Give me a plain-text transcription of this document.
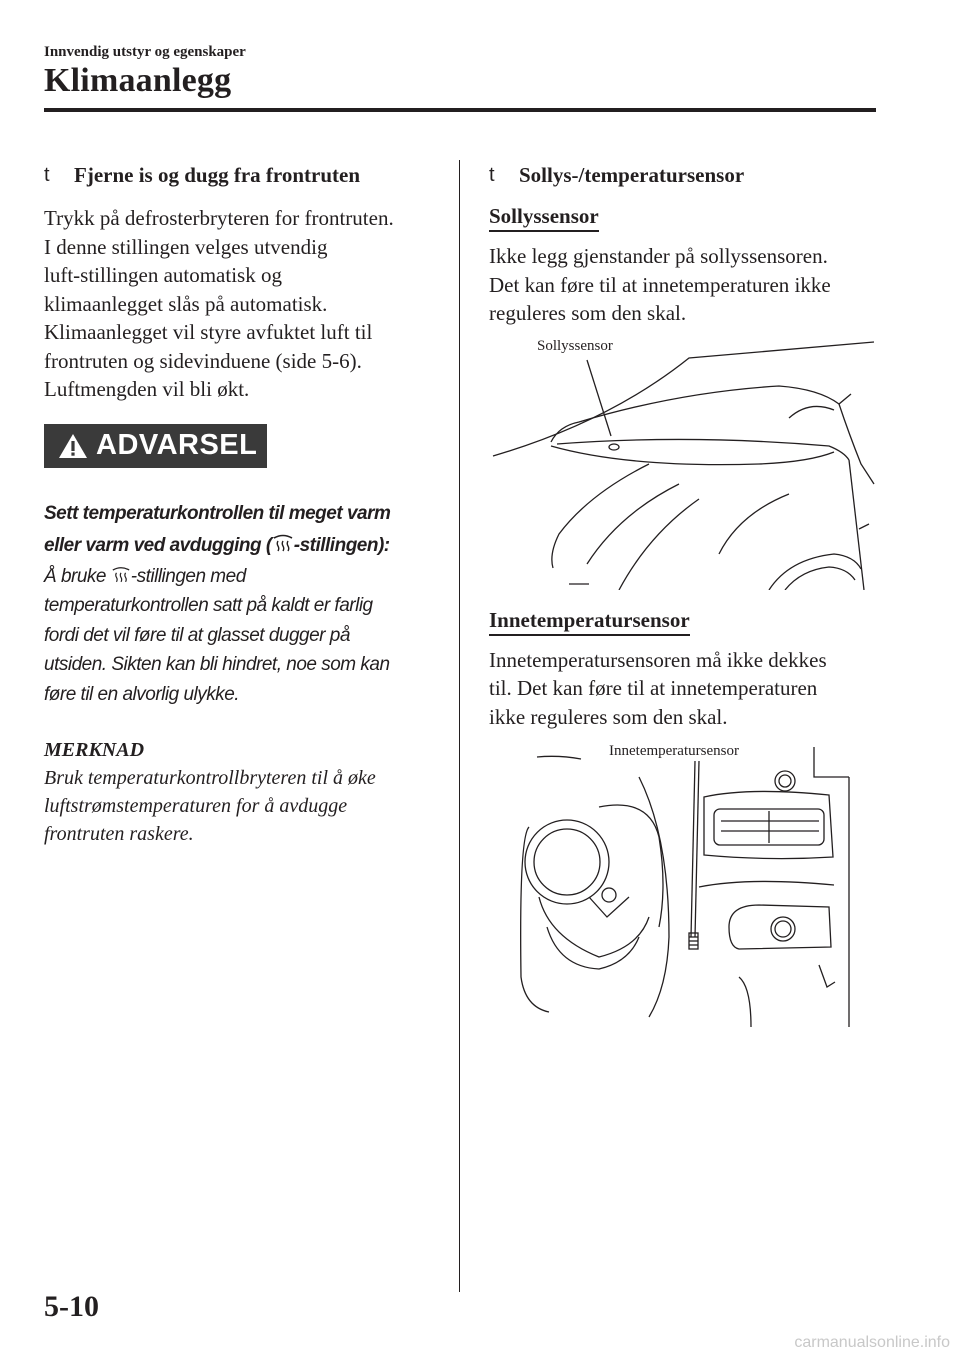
Innvendig utstyr og egenskaper
Klimaanlegg
t	Fjerne is og dugg fra frontruten
Trykk på defrosterbryteren for frontruten.
I denne stillingen velges utvendig
luft-stillingen automatisk og
klimaanlegget slås på automatisk.
Klimaanlegget vil styre avfuktet luft til
frontruten og sidevinduene (side 5-6).
Luftmengden vil bli økt.
ADVARSEL
Sett temperaturkontrollen til meget varm
eller varm ved avdugging ( -stillingen):
Å bruke -stillingen med
temperaturkontrollen satt på kaldt er farlig
fordi det vil føre til at glasset dugger på
utsiden. Sikten kan bli hindret, noe som kan
føre til en alvorlig ulykke.
MERKNAD
Bruk temperaturkontrollbryteren til å øke
luftstrømstemperaturen for å avdugge
frontruten raskere.
t	Sollys-/temperatursensor
Sollyssensor
Ikke legg gjenstander på sollyssensoren.
Det kan føre til at innetemperaturen ikke
reguleres som den skal.
Sollyssensor
Innetemperatursensor
Innetemperatursensoren må ikke dekkes
til. Det kan føre til at innetemperaturen
ikke reguleres som den skal.
Innetemperatursensor
5-10
carmanualsonline.info
